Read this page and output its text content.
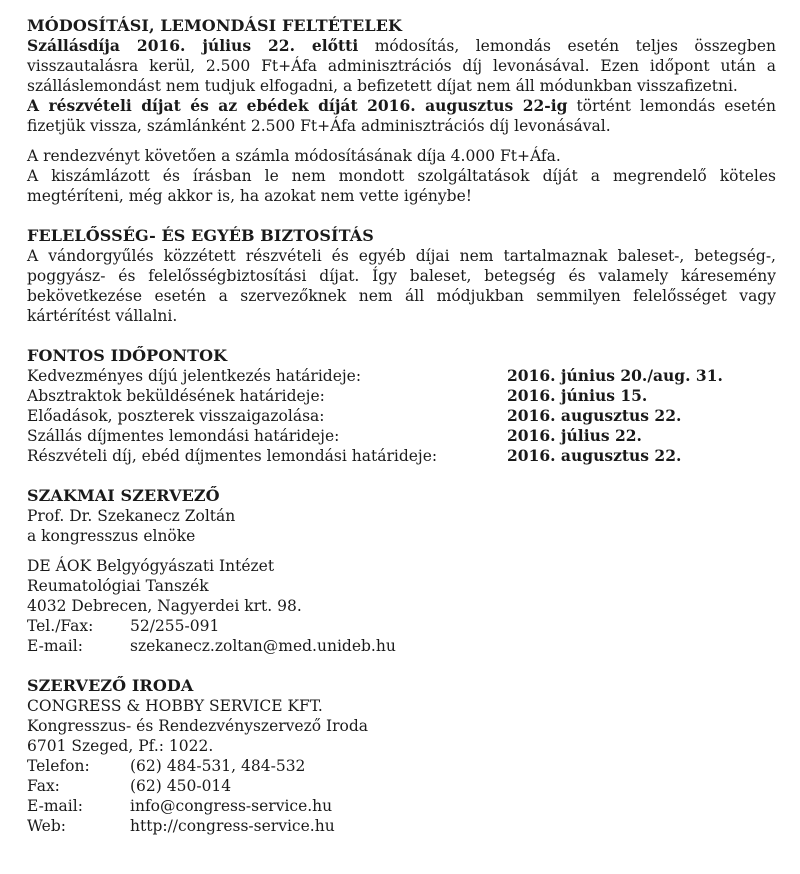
MÓDOSÍTÁSI, LEMONDÁSI FELTÉTELEK

Szállásdíja 2016. július 22. előtti módosítás, lemondás esetén teljes összegben visszautalásra kerül, 2.500 Ft+Áfa adminisztrációs díj levonásával. Ezen időpont után a szálláslemondást nem tudjuk elfogadni, a befizetett díjat nem áll módunkban visszafizetni.

A részvételi díjat és az ebédek díját 2016. augusztus 22-ig történt lemondás esetén fizetjük vissza, számlánként 2.500 Ft+Áfa adminisztrációs díj levonásával.

A rendezvényt követően a számla módosításának díja 4.000 Ft+Áfa.

A kiszámlázott és írásban le nem mondott szolgáltatások díját a megrendelő köteles megtéríteni, még akkor is, ha azokat nem vette igénybe!

FELELŐSSÉG- ÉS EGYÉB BIZTOSÍTÁS

A vándorgyűlés közzétett részvételi és egyéb díjai nem tartalmaznak baleset-, betegség-, poggyász- és felelősségbiztosítási díjat. Így baleset, betegség és valamely káresemény bekövetkezése esetén a szervezőknek nem áll módjukban semmilyen felelősséget vagy kártérítést vállalni.

FONTOS IDŐPONTOK
Kedvezményes díjú jelentkezés határideje:	2016. június 20./aug. 31.
Absztraktok beküldésének határideje:	2016. június 15.
Előadások, poszterek visszaigazolása:	2016. augusztus 22.
Szállás díjmentes lemondási határideje:	2016. július 22.
Részvételi díj, ebéd díjmentes lemondási határideje:	2016. augusztus 22.
SZAKMAI SZERVEZŐ
Prof. Dr. Szekanecz Zoltán
a kongresszus elnöke
DE ÁOK Belgyógyászati Intézet
Reumatológiai Tanszék
4032 Debrecen, Nagyerdei krt. 98.
Tel./Fax:	52/255-091
E-mail:	szekanecz.zoltan@med.unideb.hu
SZERVEZŐ IRODA
CONGRESS & HOBBY SERVICE KFT.
Kongresszus- és Rendezvényszervező Iroda
6701 Szeged, Pf.: 1022.
Telefon:	(62) 484-531, 484-532
Fax:	(62) 450-014
E-mail:	info@congress-service.hu
Web:	http://congress-service.hu
